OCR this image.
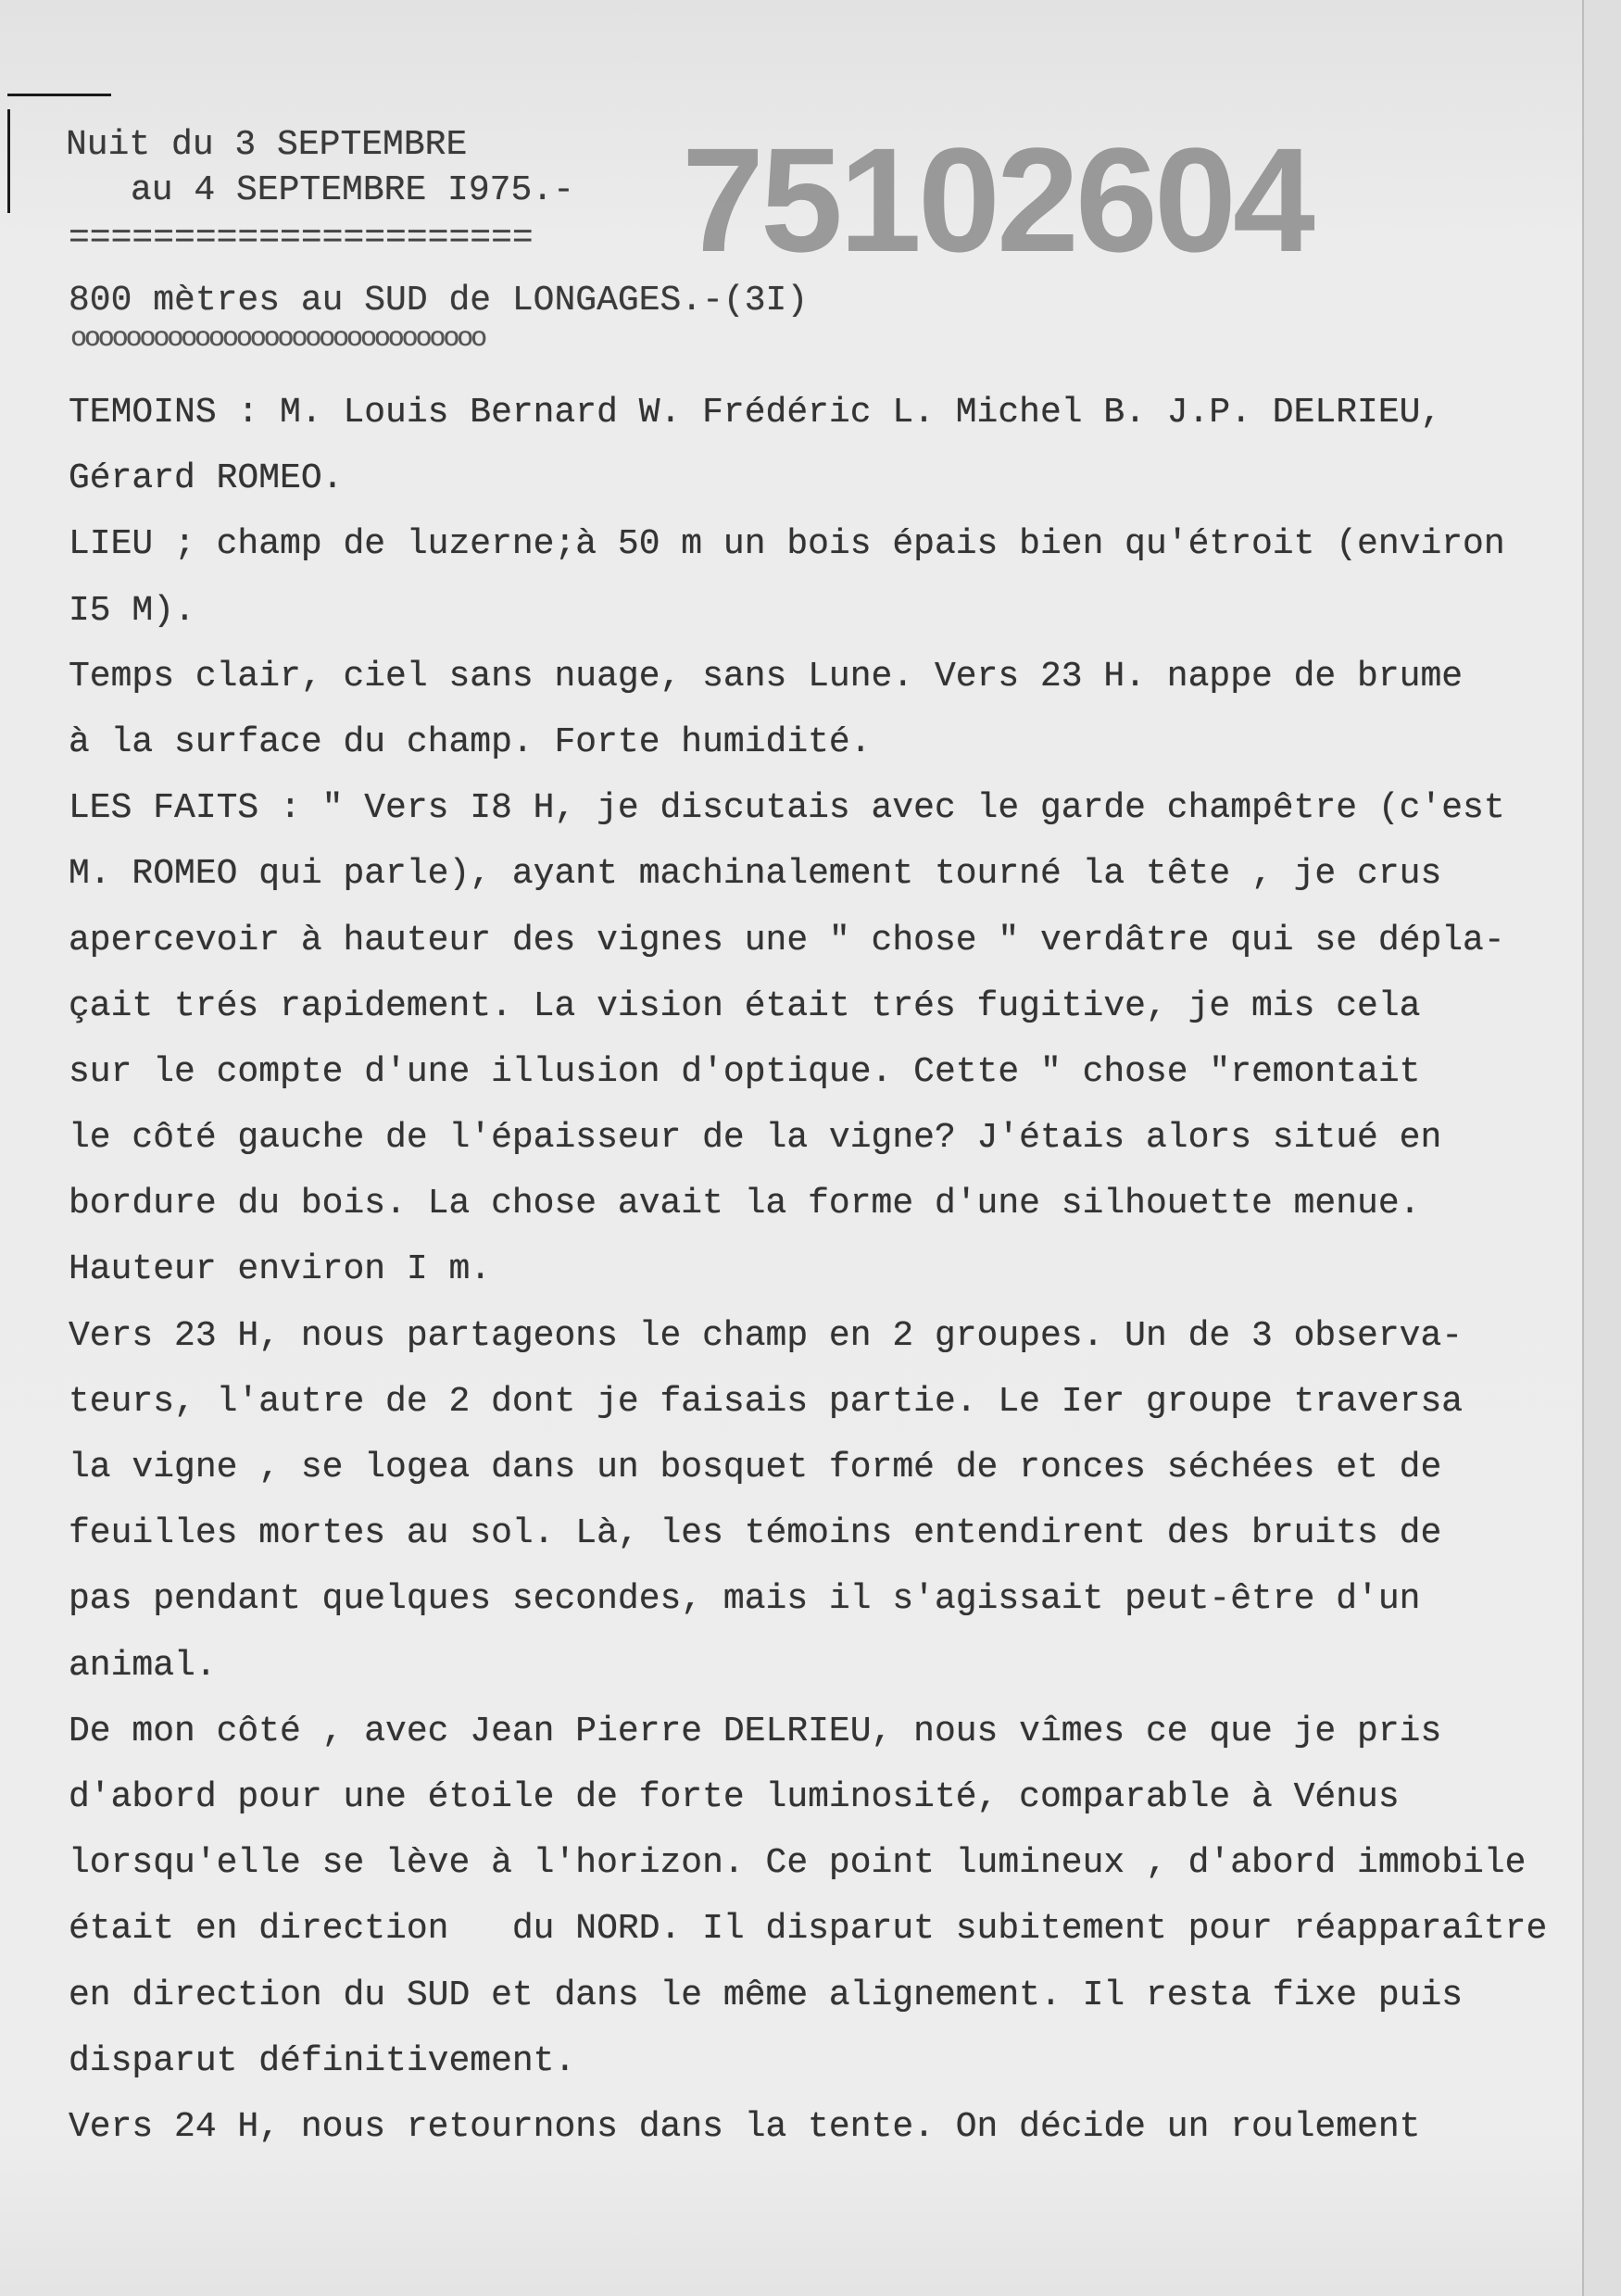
Nuit du 3 SEPTEMBRE
au 4 SEPTEMBRE I975.-
====================== 75102604
800 mètres au SUD de LONGAGES.-(3I)
oooooooooooooooooooooooooooooo
TEMOINS : M. Louis Bernard W. Frédéric L. Michel B. J.P. DELRIEU,
Gérard ROMEO.
LIEU ; champ de luzerne;à 50 m un bois épais bien qu'étroit (environ
I5 M).
Temps clair, ciel sans nuage, sans Lune. Vers 23 H. nappe de brume
à la surface du champ. Forte humidité.
LES FAITS : " Vers I8 H, je discutais avec le garde champêtre (c'est
M. ROMEO qui parle), ayant machinalement tourné la tête , je crus
apercevoir à hauteur des vignes une " chose " verdâtre qui se dépla-
çait trés rapidement. La vision était trés fugitive, je mis cela
sur le compte d'une illusion d'optique. Cette " chose "remontait
le côté gauche de l'épaisseur de la vigne? J'étais alors situé en
bordure du bois. La chose avait la forme d'une silhouette menue.
Hauteur environ I m.
Vers 23 H, nous partageons le champ en 2 groupes. Un de 3 observa-
teurs, l'autre de 2 dont je faisais partie. Le Ier groupe traversa
la vigne , se logea dans un bosquet formé de ronces séchées et de
feuilles mortes au sol. Là, les témoins entendirent des bruits de
pas pendant quelques secondes, mais il s'agissait peut-être d'un
animal.
De mon côté , avec Jean Pierre DELRIEU, nous vîmes ce que je pris
d'abord pour une étoile de forte luminosité, comparable à Vénus
lorsqu'elle se lève à l'horizon. Ce point lumineux , d'abord immobile
était en direction   du NORD. Il disparut subitement pour réapparaître
en direction du SUD et dans le même alignement. Il resta fixe puis
disparut définitivement.
Vers 24 H, nous retournons dans la tente. On décide un roulement
